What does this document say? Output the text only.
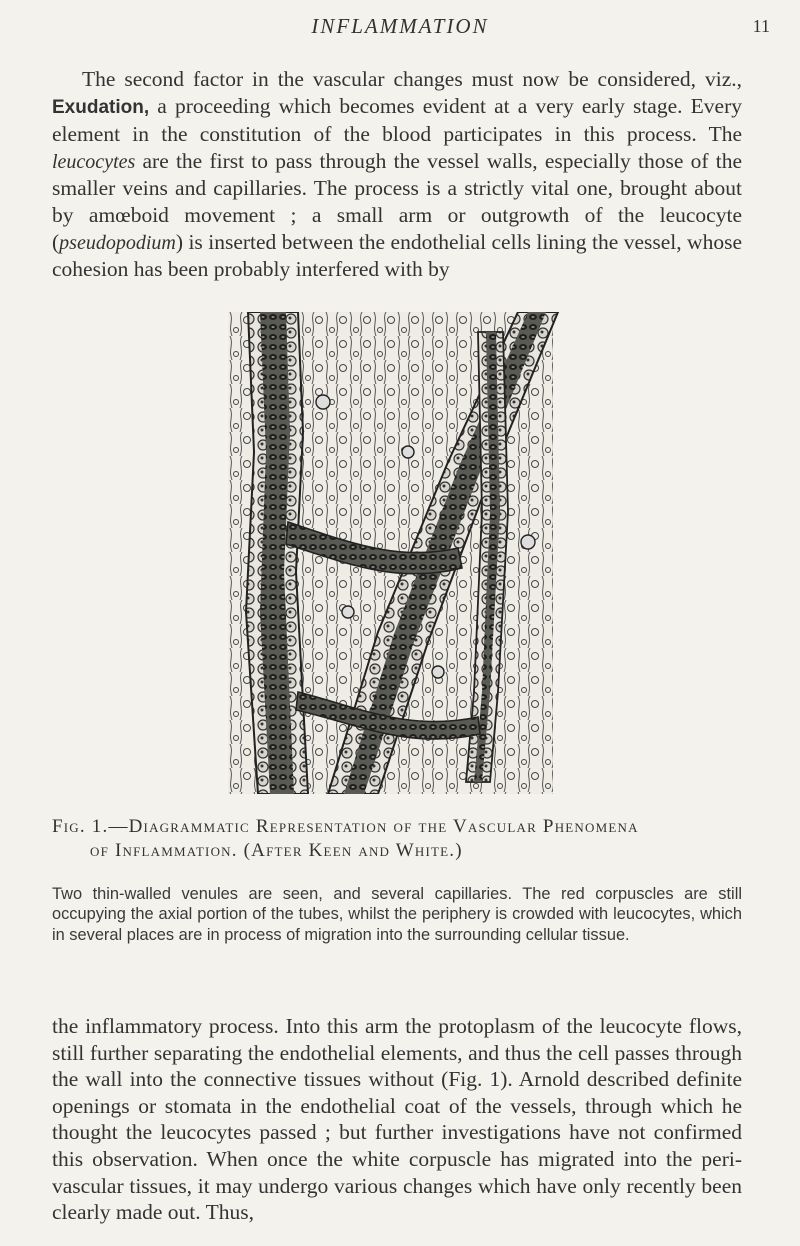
INFLAMMATION	11

The second factor in the vascular changes must now be considered, viz., Exudation, a proceeding which becomes evident at a very early stage. Every element in the constitution of the blood participates in this process. The leucocytes are the first to pass through the vessel walls, especially those of the smaller veins and capillaries. The process is a strictly vital one, brought about by amœboid movement ; a small arm or outgrowth of the leucocyte (pseudopodium) is inserted between the endothelial cells lining the vessel, whose cohesion has been probably interfered with by

Fig. 1.—Diagrammatic Representation of the Vascular Phenomena
of Inflammation. (After Keen and White.)

Two thin-walled venules are seen, and several capillaries. The red corpuscles are still occupying the axial portion of the tubes, whilst the periphery is crowded with leucocytes, which in several places are in process of migration into the surrounding cellular tissue.

the inflammatory process. Into this arm the protoplasm of the leucocyte flows, still further separating the endothelial elements, and thus the cell passes through the wall into the connective tissues without (Fig. 1). Arnold described definite openings or stomata in the endothelial coat of the vessels, through which he thought the leucocytes passed ; but further investigations have not confirmed this observation. When once the white corpuscle has migrated into the peri-vascular tissues, it may undergo various changes which have only recently been clearly made out. Thus,
